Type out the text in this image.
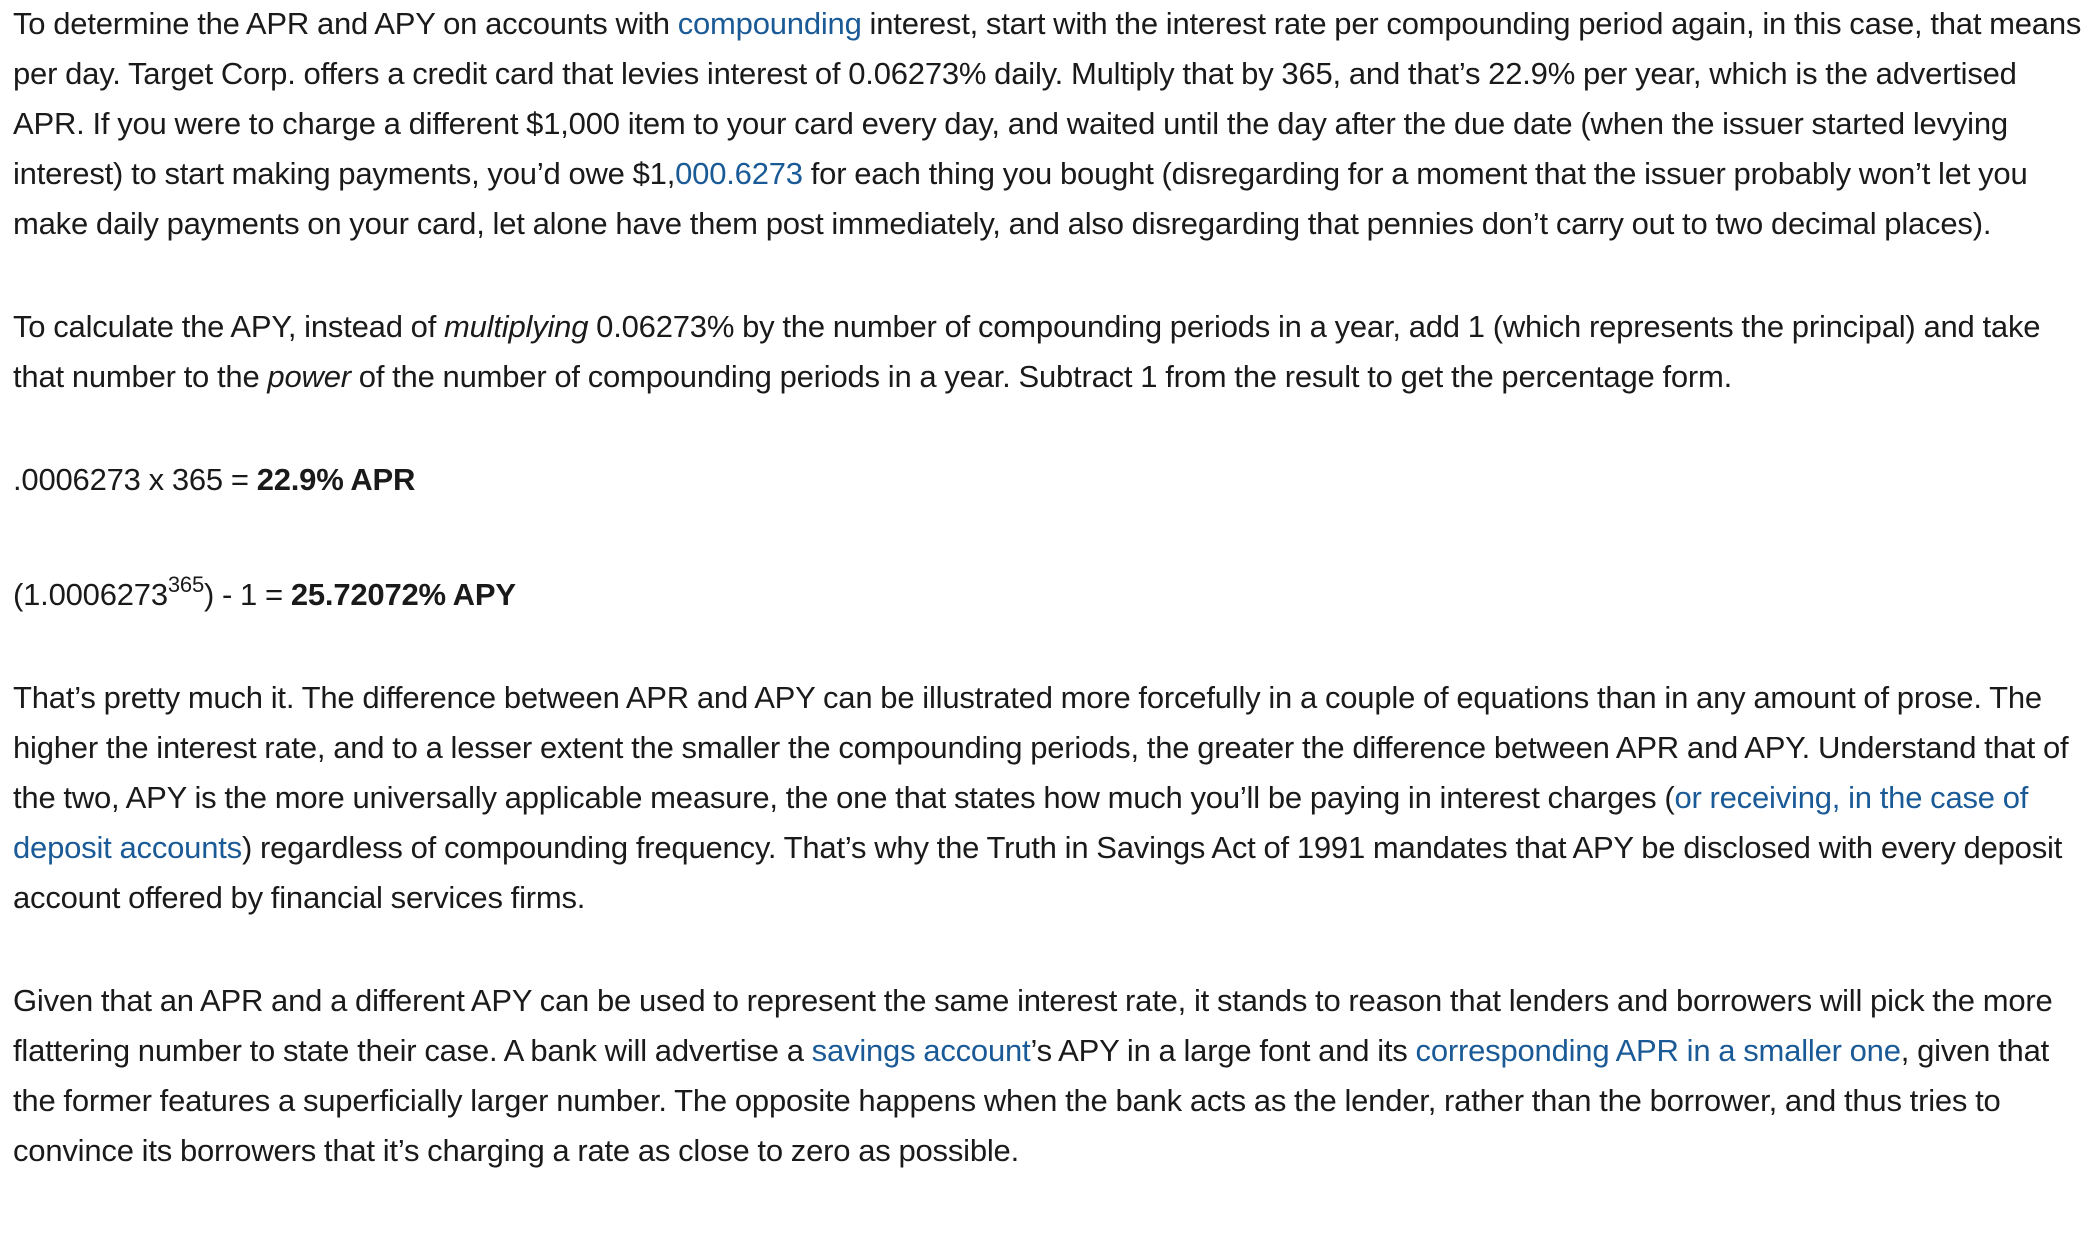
To determine the APR and APY on accounts with compounding interest, start with the interest rate per compounding period again, in this case, that means per day. Target Corp. offers a credit card that levies interest of 0.06273% daily. Multiply that by 365, and that’s 22.9% per year, which is the advertised APR. If you were to charge a different $1,000 item to your card every day, and waited until the day after the due date (when the issuer started levying interest) to start making payments, you’d owe $1,000.6273 for each thing you bought (disregarding for a moment that the issuer probably won’t let you make daily payments on your card, let alone have them post immediately, and also disregarding that pennies don’t carry out to two decimal places).

To calculate the APY, instead of multiplying 0.06273% by the number of compounding periods in a year, add 1 (which represents the principal) and take that number to the power of the number of compounding periods in a year. Subtract 1 from the result to get the percentage form.

.0006273 x 365 = 22.9% APR

(1.0006273$^{365}$) - 1 = 25.72072% APY

That’s pretty much it. The difference between APR and APY can be illustrated more forcefully in a couple of equations than in any amount of prose. The higher the interest rate, and to a lesser extent the smaller the compounding periods, the greater the difference between APR and APY. Understand that of the two, APY is the more universally applicable measure, the one that states how much you’ll be paying in interest charges (or receiving, in the case of deposit accounts) regardless of compounding frequency. That’s why the Truth in Savings Act of 1991 mandates that APY be disclosed with every deposit account offered by financial services firms.

Given that an APR and a different APY can be used to represent the same interest rate, it stands to reason that lenders and borrowers will pick the more flattering number to state their case. A bank will advertise a savings account’s APY in a large font and its corresponding APR in a smaller one, given that the former features a superficially larger number. The opposite happens when the bank acts as the lender, rather than the borrower, and thus tries to convince its borrowers that it’s charging a rate as close to zero as possible.
